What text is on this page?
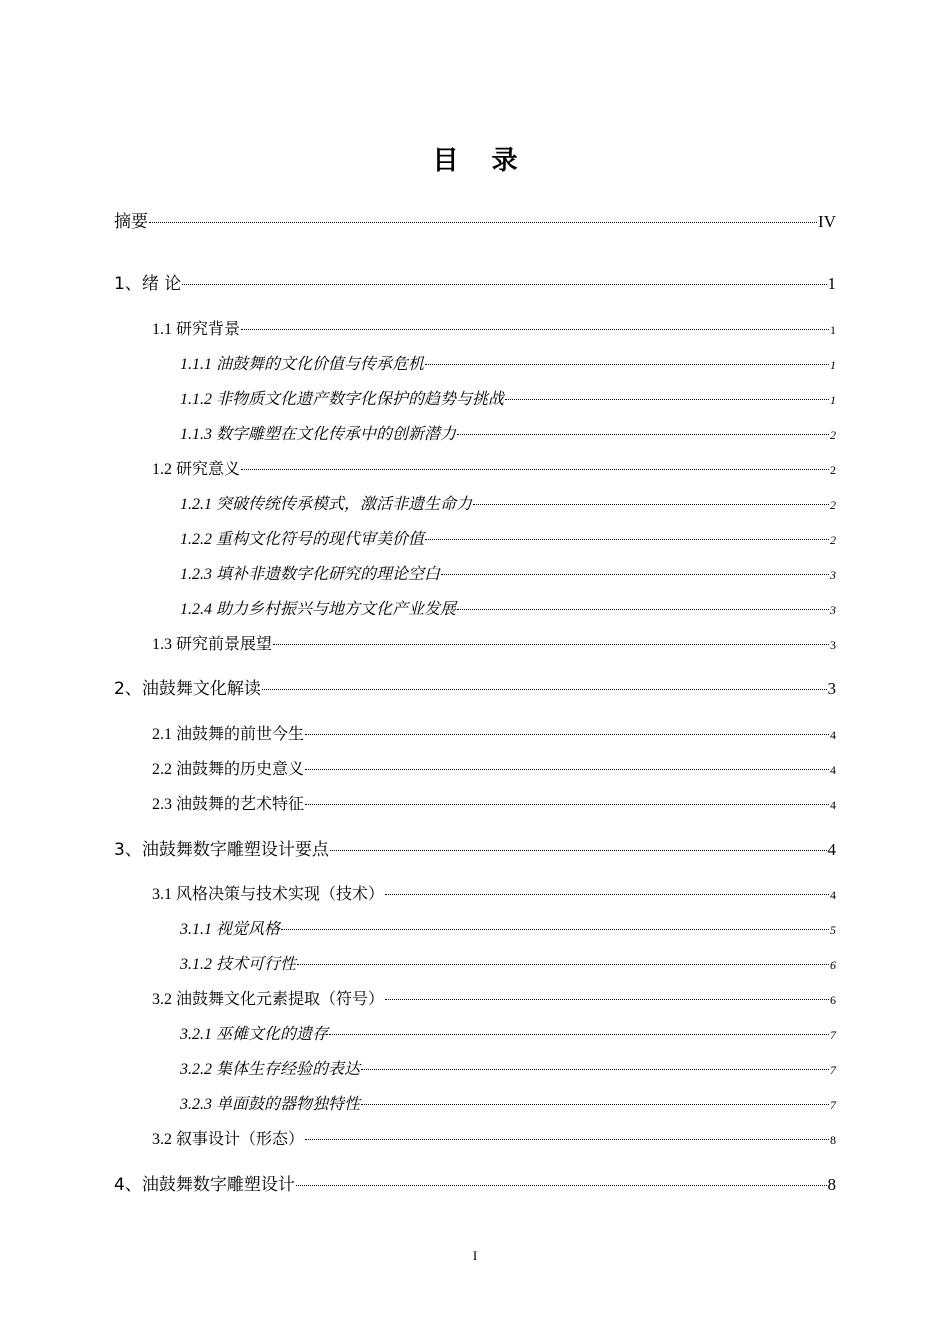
目 录
摘要	IV
1、绪 论	1
1.1 研究背景	1
1.1.1 油鼓舞的文化价值与传承危机	1
1.1.2 非物质文化遗产数字化保护的趋势与挑战	1
1.1.3 数字雕塑在文化传承中的创新潜力	2
1.2 研究意义	2
1.2.1 突破传统传承模式，激活非遗生命力	2
1.2.2 重构文化符号的现代审美价值	2
1.2.3 填补非遗数字化研究的理论空白	3
1.2.4 助力乡村振兴与地方文化产业发展	3
1.3 研究前景展望	3
2、油鼓舞文化解读	3
2.1 油鼓舞的前世今生	4
2.2 油鼓舞的历史意义	4
2.3 油鼓舞的艺术特征	4
3、油鼓舞数字雕塑设计要点	4
3.1 风格决策与技术实现（技术）	4
3.1.1 视觉风格	5
3.1.2 技术可行性	6
3.2 油鼓舞文化元素提取（符号）	6
3.2.1 巫傩文化的遗存	7
3.2.2 集体生存经验的表达	7
3.2.3 单面鼓的器物独特性	7
3.2 叙事设计（形态）	8
4、油鼓舞数字雕塑设计	8
I
